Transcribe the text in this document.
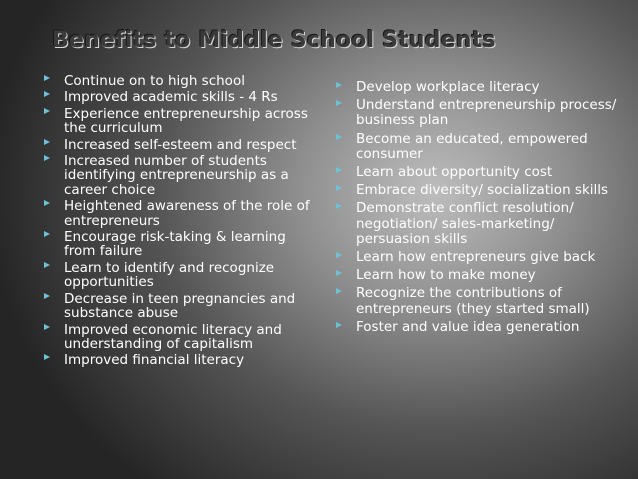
Benefits to Middle School Students
Continue on to high school
Improved academic skills - 4 Rs
Experience entrepreneurship across the curriculum
Increased self-esteem and respect
Increased number of students identifying entrepreneurship as a career choice
Heightened awareness of the role of entrepreneurs
Encourage risk-taking & learning from failure
Learn to identify and recognize opportunities
Decrease in teen pregnancies and substance abuse
Improved economic literacy and understanding of capitalism
Improved financial literacy
Develop workplace literacy
Understand entrepreneurship process/ business plan
Become an educated, empowered consumer
Learn about opportunity cost
Embrace diversity/ socialization skills
Demonstrate conflict resolution/ negotiation/ sales-marketing/ persuasion skills
Learn how entrepreneurs give back
Learn how to make money
Recognize the contributions of entrepreneurs (they started small)
Foster and value idea generation
